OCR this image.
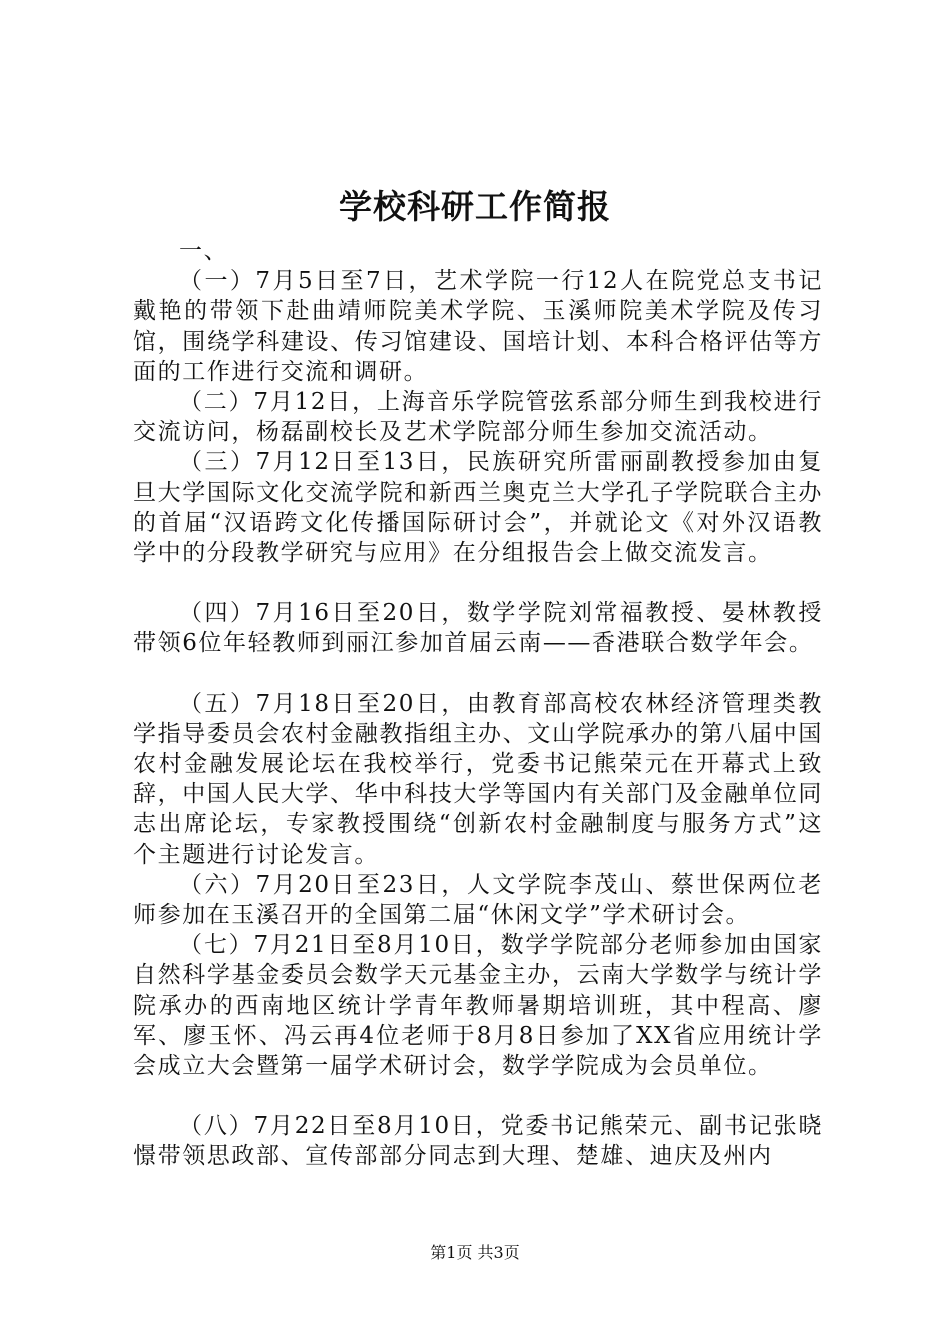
学校科研工作简报

一、

（一）7月5日至7日，艺术学院一行12人在院党总支书记戴艳的带领下赴曲靖师院美术学院、玉溪师院美术学院及传习馆，围绕学科建设、传习馆建设、国培计划、本科合格评估等方面的工作进行交流和调研。

（二）7月12日，上海音乐学院管弦系部分师生到我校进行交流访问，杨磊副校长及艺术学院部分师生参加交流活动。

（三）7月12日至13日，民族研究所雷丽副教授参加由复旦大学国际文化交流学院和新西兰奥克兰大学孔子学院联合主办的首届“汉语跨文化传播国际研讨会”，并就论文《对外汉语教学中的分段教学研究与应用》在分组报告会上做交流发言。

（四）7月16日至20日，数学学院刘常福教授、晏林教授带领6位年轻教师到丽江参加首届云南——香港联合数学年会。

（五）7月18日至20日，由教育部高校农林经济管理类教学指导委员会农村金融教指组主办、文山学院承办的第八届中国农村金融发展论坛在我校举行，党委书记熊荣元在开幕式上致辞，中国人民大学、华中科技大学等国内有关部门及金融单位同志出席论坛，专家教授围绕“创新农村金融制度与服务方式”这个主题进行讨论发言。

（六）7月20日至23日，人文学院李茂山、蔡世保两位老师参加在玉溪召开的全国第二届“休闲文学”学术研讨会。

（七）7月21日至8月10日，数学学院部分老师参加由国家自然科学基金委员会数学天元基金主办，云南大学数学与统计学院承办的西南地区统计学青年教师暑期培训班，其中程高、廖军、廖玉怀、冯云再4位老师于8月8日参加了XX省应用统计学会成立大会暨第一届学术研讨会，数学学院成为会员单位。

（八）7月22日至8月10日，党委书记熊荣元、副书记张晓憬带领思政部、宣传部部分同志到大理、楚雄、迪庆及州内

第1页 共3页
